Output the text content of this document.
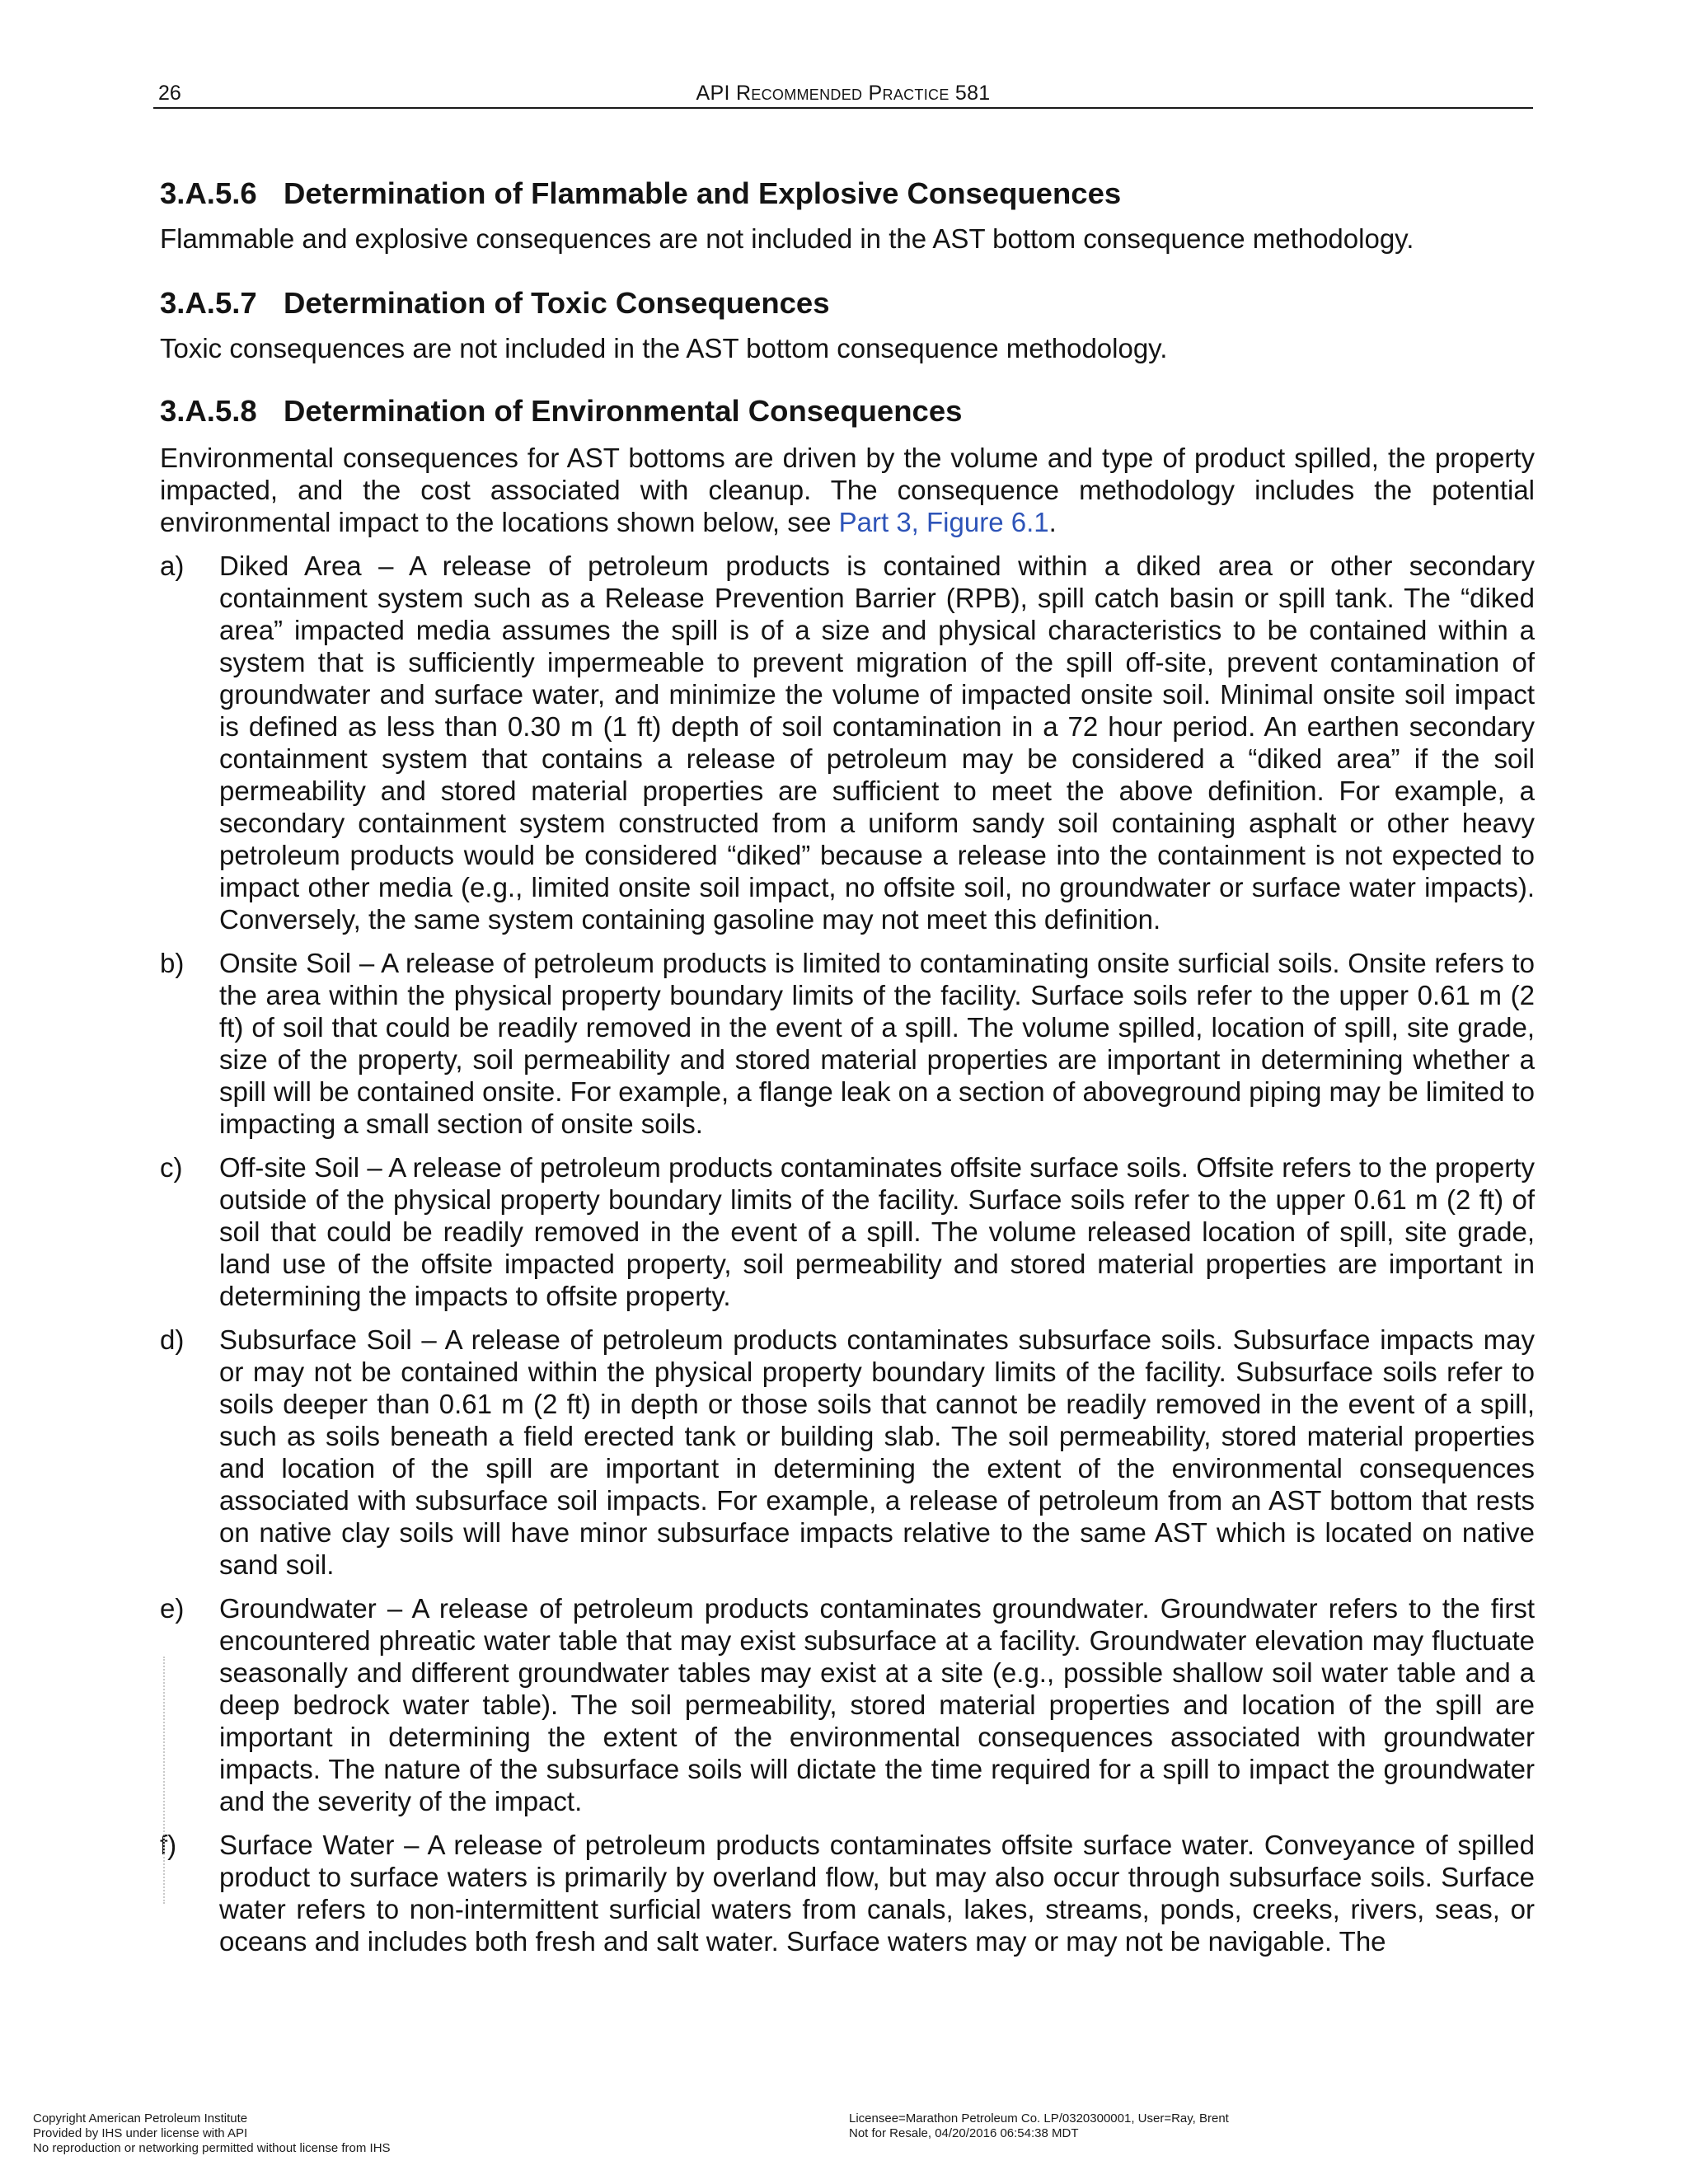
26	API Recommended Practice 581
3.A.5.6 Determination of Flammable and Explosive Consequences

Flammable and explosive consequences are not included in the AST bottom consequence methodology.

3.A.5.7 Determination of Toxic Consequences

Toxic consequences are not included in the AST bottom consequence methodology.

3.A.5.8 Determination of Environmental Consequences

Environmental consequences for AST bottoms are driven by the volume and type of product spilled, the property impacted, and the cost associated with cleanup. The consequence methodology includes the potential environmental impact to the locations shown below, see Part 3, Figure 6.1.

a) Diked Area – A release of petroleum products is contained within a diked area or other secondary containment system such as a Release Prevention Barrier (RPB), spill catch basin or spill tank. The “diked area” impacted media assumes the spill is of a size and physical characteristics to be contained within a system that is sufficiently impermeable to prevent migration of the spill off-site, prevent contamination of groundwater and surface water, and minimize the volume of impacted onsite soil. Minimal onsite soil impact is defined as less than 0.30 m (1 ft) depth of soil contamination in a 72 hour period. An earthen secondary containment system that contains a release of petroleum may be considered a “diked area” if the soil permeability and stored material properties are sufficient to meet the above definition. For example, a secondary containment system constructed from a uniform sandy soil containing asphalt or other heavy petroleum products would be considered “diked” because a release into the containment is not expected to impact other media (e.g., limited onsite soil impact, no offsite soil, no groundwater or surface water impacts). Conversely, the same system containing gasoline may not meet this definition.

b) Onsite Soil – A release of petroleum products is limited to contaminating onsite surficial soils. Onsite refers to the area within the physical property boundary limits of the facility. Surface soils refer to the upper 0.61 m (2 ft) of soil that could be readily removed in the event of a spill. The volume spilled, location of spill, site grade, size of the property, soil permeability and stored material properties are important in determining whether a spill will be contained onsite. For example, a flange leak on a section of aboveground piping may be limited to impacting a small section of onsite soils.

c) Off-site Soil – A release of petroleum products contaminates offsite surface soils. Offsite refers to the property outside of the physical property boundary limits of the facility. Surface soils refer to the upper 0.61 m (2 ft) of soil that could be readily removed in the event of a spill. The volume released location of spill, site grade, land use of the offsite impacted property, soil permeability and stored material properties are important in determining the impacts to offsite property.

d) Subsurface Soil – A release of petroleum products contaminates subsurface soils. Subsurface impacts may or may not be contained within the physical property boundary limits of the facility. Subsurface soils refer to soils deeper than 0.61 m (2 ft) in depth or those soils that cannot be readily removed in the event of a spill, such as soils beneath a field erected tank or building slab. The soil permeability, stored material properties and location of the spill are important in determining the extent of the environmental consequences associated with subsurface soil impacts. For example, a release of petroleum from an AST bottom that rests on native clay soils will have minor subsurface impacts relative to the same AST which is located on native sand soil.

e) Groundwater – A release of petroleum products contaminates groundwater. Groundwater refers to the first encountered phreatic water table that may exist subsurface at a facility. Groundwater elevation may fluctuate seasonally and different groundwater tables may exist at a site (e.g., possible shallow soil water table and a deep bedrock water table). The soil permeability, stored material properties and location of the spill are important in determining the extent of the environmental consequences associated with groundwater impacts. The nature of the subsurface soils will dictate the time required for a spill to impact the groundwater and the severity of the impact.

f) Surface Water – A release of petroleum products contaminates offsite surface water. Conveyance of spilled product to surface waters is primarily by overland flow, but may also occur through subsurface soils. Surface water refers to non-intermittent surficial waters from canals, lakes, streams, ponds, creeks, rivers, seas, or oceans and includes both fresh and salt water. Surface waters may or may not be navigable. The

Copyright American Petroleum Institute
Provided by IHS under license with API
No reproduction or networking permitted without license from IHS
Licensee=Marathon Petroleum Co. LP/0320300001, User=Ray, Brent
Not for Resale, 04/20/2016 06:54:38 MDT
